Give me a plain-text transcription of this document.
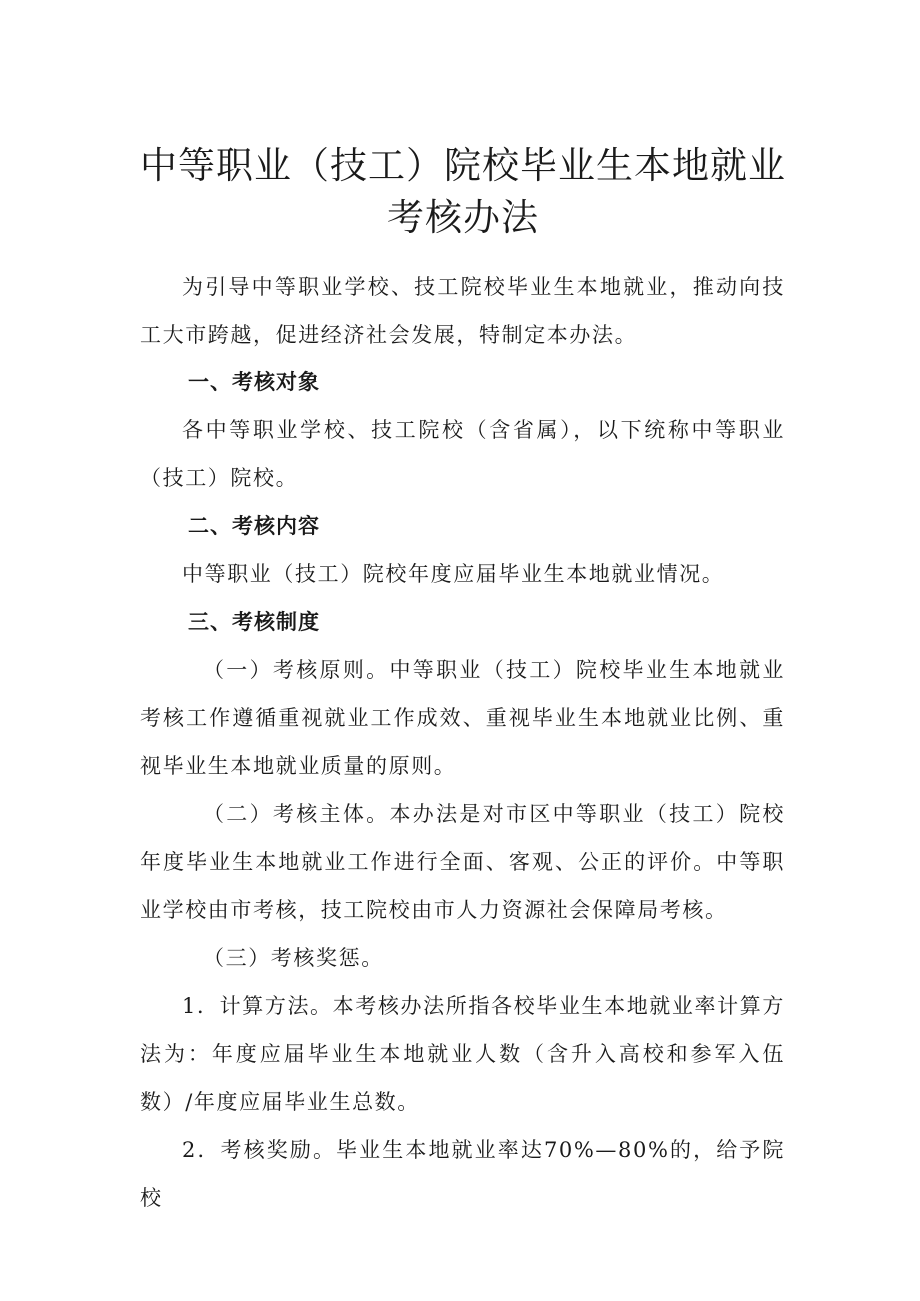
中等职业（技工）院校毕业生本地就业考核办法

为引导中等职业学校、技工院校毕业生本地就业，推动向技工大市跨越，促进经济社会发展，特制定本办法。

一、考核对象

各中等职业学校、技工院校（含省属），以下统称中等职业（技工）院校。

二、考核内容

中等职业（技工）院校年度应届毕业生本地就业情况。

三、考核制度

（一）考核原则。中等职业（技工）院校毕业生本地就业考核工作遵循重视就业工作成效、重视毕业生本地就业比例、重视毕业生本地就业质量的原则。

（二）考核主体。本办法是对市区中等职业（技工）院校年度毕业生本地就业工作进行全面、客观、公正的评价。中等职业学校由市考核，技工院校由市人力资源社会保障局考核。

（三）考核奖惩。

1．计算方法。本考核办法所指各校毕业生本地就业率计算方法为：年度应届毕业生本地就业人数（含升入高校和参军入伍数）/年度应届毕业生总数。

2．考核奖励。毕业生本地就业率达70%—80%的，给予院校
